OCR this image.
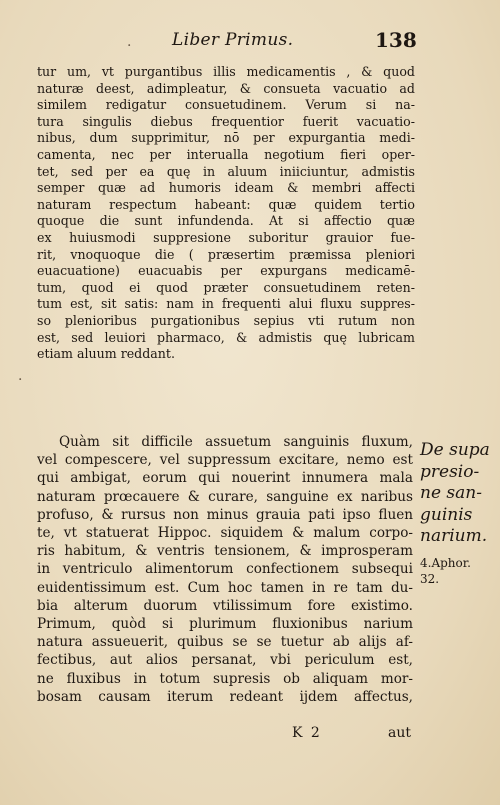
Liber Primus.	138
·
·
tur um, vt purgantibus illis medicamentis , & quod
naturæ deest, adimpleatur, & consueta vacuatio ad
similem redigatur consuetudinem. Verum si na-
tura singulis diebus frequentior fuerit vacuatio-
nibus, dum supprimitur, nō per expurgantia medi-
camenta, nec per interualla negotium fieri oper-
tet, sed per ea quę in aluum iniiciuntur, admistis
semper quæ ad humoris ideam & membri affecti
naturam respectum habeant: quæ quidem tertio
quoque die sunt infundenda. At si affectio quæ
ex huiusmodi suppresione suboritur grauior fue-
rit, vnoquoque die ( præsertim præmissa pleniori
euacuatione) euacuabis per expurgans medicamē-
tum, quod ei quod præter consuetudinem reten-
tum est, sit satis: nam in frequenti alui fluxu suppres-
so plenioribus purgationibus sepius vti rutum non
est, sed leuiori pharmaco, & admistis quę lubricam
etiam aluum reddant.
Quàm sit difficile assuetum sanguinis fluxum,
vel compescere, vel suppressum excitare, nemo est
qui ambigat, eorum qui nouerint innumera mala
naturam prœcauere & curare, sanguine ex naribus
profuso, & rursus non minus grauia pati ipso fluen
te, vt statuerat Hippoc. siquidem & malum corpo-
ris habitum, & ventris tensionem, & improsperam
in ventriculo alimentorum confectionem subsequi
euidentissimum est. Cum hoc tamen in re tam du-
bia alterum duorum vtilissimum fore existimo.
Primum, quòd si plurimum fluxionibus narium
natura assueuerit, quibus se se tuetur ab alijs af-
fectibus, aut alios persanat, vbi periculum est,
ne fluxibus in totum supresis ob aliquam mor-
bosam causam iterum redeant ijdem affectus,
De supa
presio-
ne san-
guinis
narium.
4.Aphor.
32.
K 2	aut
